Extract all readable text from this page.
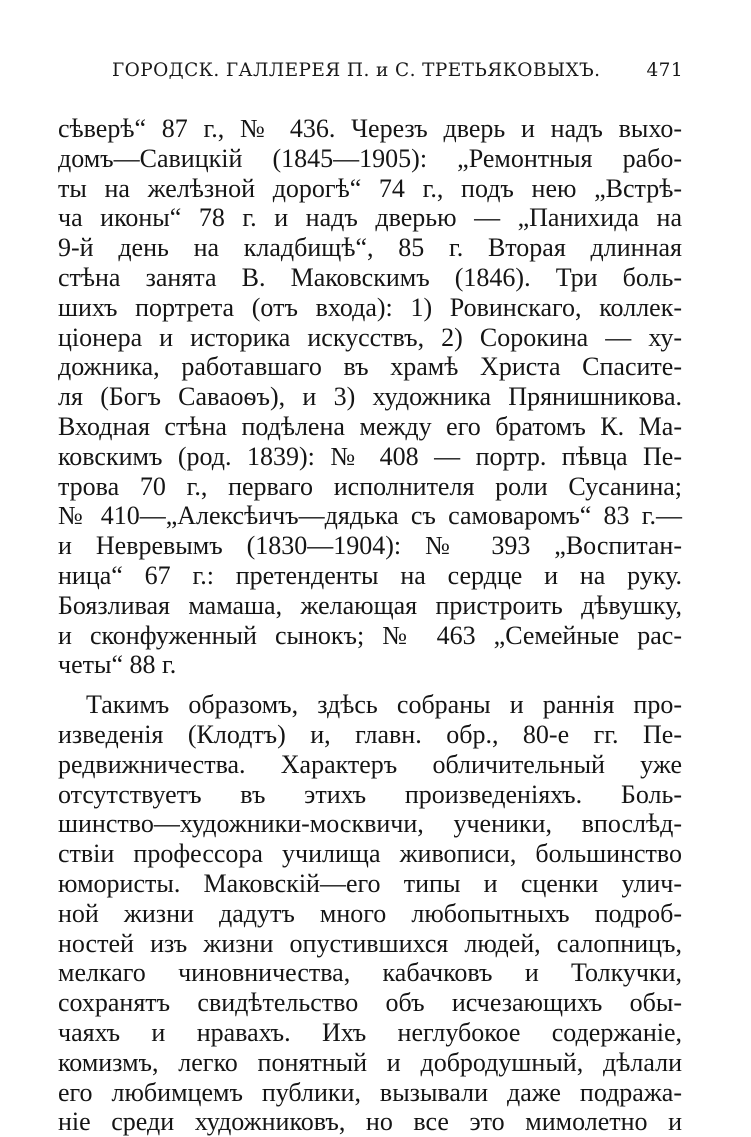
ГОРОДСК. ГАЛЛЕРЕЯ П. и С. ТРЕТЬЯКОВЫХЪ. 471
сѣверѣ“ 87 г., № 436. Черезъ дверь и надъ выхо-
домъ—Савицкiй (1845—1905): „Ремонтныя рабо-
ты на желѣзной дорогѣ“ 74 г., подъ нею „Встрѣ-
ча иконы“ 78 г. и надъ дверью — „Панихида на
9-й день на кладбищѣ“, 85 г. Вторая длинная
стѣна занята В. Маковскимъ (1846). Три боль-
шихъ портрета (отъ входа): 1) Ровинскаго, коллек-
цiонера и историка искусствъ, 2) Сорокина — ху-
дожника, работавшаго въ храмѣ Христа Спасите-
ля (Богъ Саваоѳъ), и 3) художника Прянишникова.
Входная стѣна подѣлена между его братомъ К. Ма-
ковскимъ (род. 1839): № 408 — портр. пѣвца Пе-
трова 70 г., перваго исполнителя роли Сусанина;
№ 410—„Алексѣичъ—дядька съ самоваромъ“ 83 г.—
и Невревымъ (1830—1904): № 393 „Воспитан-
ница“ 67 г.: претенденты на сердце и на руку.
Боязливая мамаша, желающая пристроить дѣвушку,
и сконфуженный сынокъ; № 463 „Семейные рас-
четы“ 88 г.
Такимъ образомъ, здѣсь собраны и раннiя про-
изведенiя (Клодтъ) и, главн. обр., 80-е гг. Пе-
редвижничества. Характеръ обличительный уже
отсутствуетъ въ этихъ произведенiяхъ. Боль-
шинство—художники-москвичи, ученики, впослѣд-
ствiи профессора училища живописи, большинство
юмористы. Маковскiй—его типы и сценки улич-
ной жизни дадутъ много любопытныхъ подроб-
ностей изъ жизни опустившихся людей, салопницъ,
мелкаго чиновничества, кабачковъ и Толкучки,
сохранятъ свидѣтельство объ исчезающихъ обы-
чаяхъ и нравахъ. Ихъ неглубокое содержанiе,
комизмъ, легко понятный и добродушный, дѣлали
его любимцемъ публики, вызывали даже подража-
нiе среди художниковъ, но все это мимолетно и
